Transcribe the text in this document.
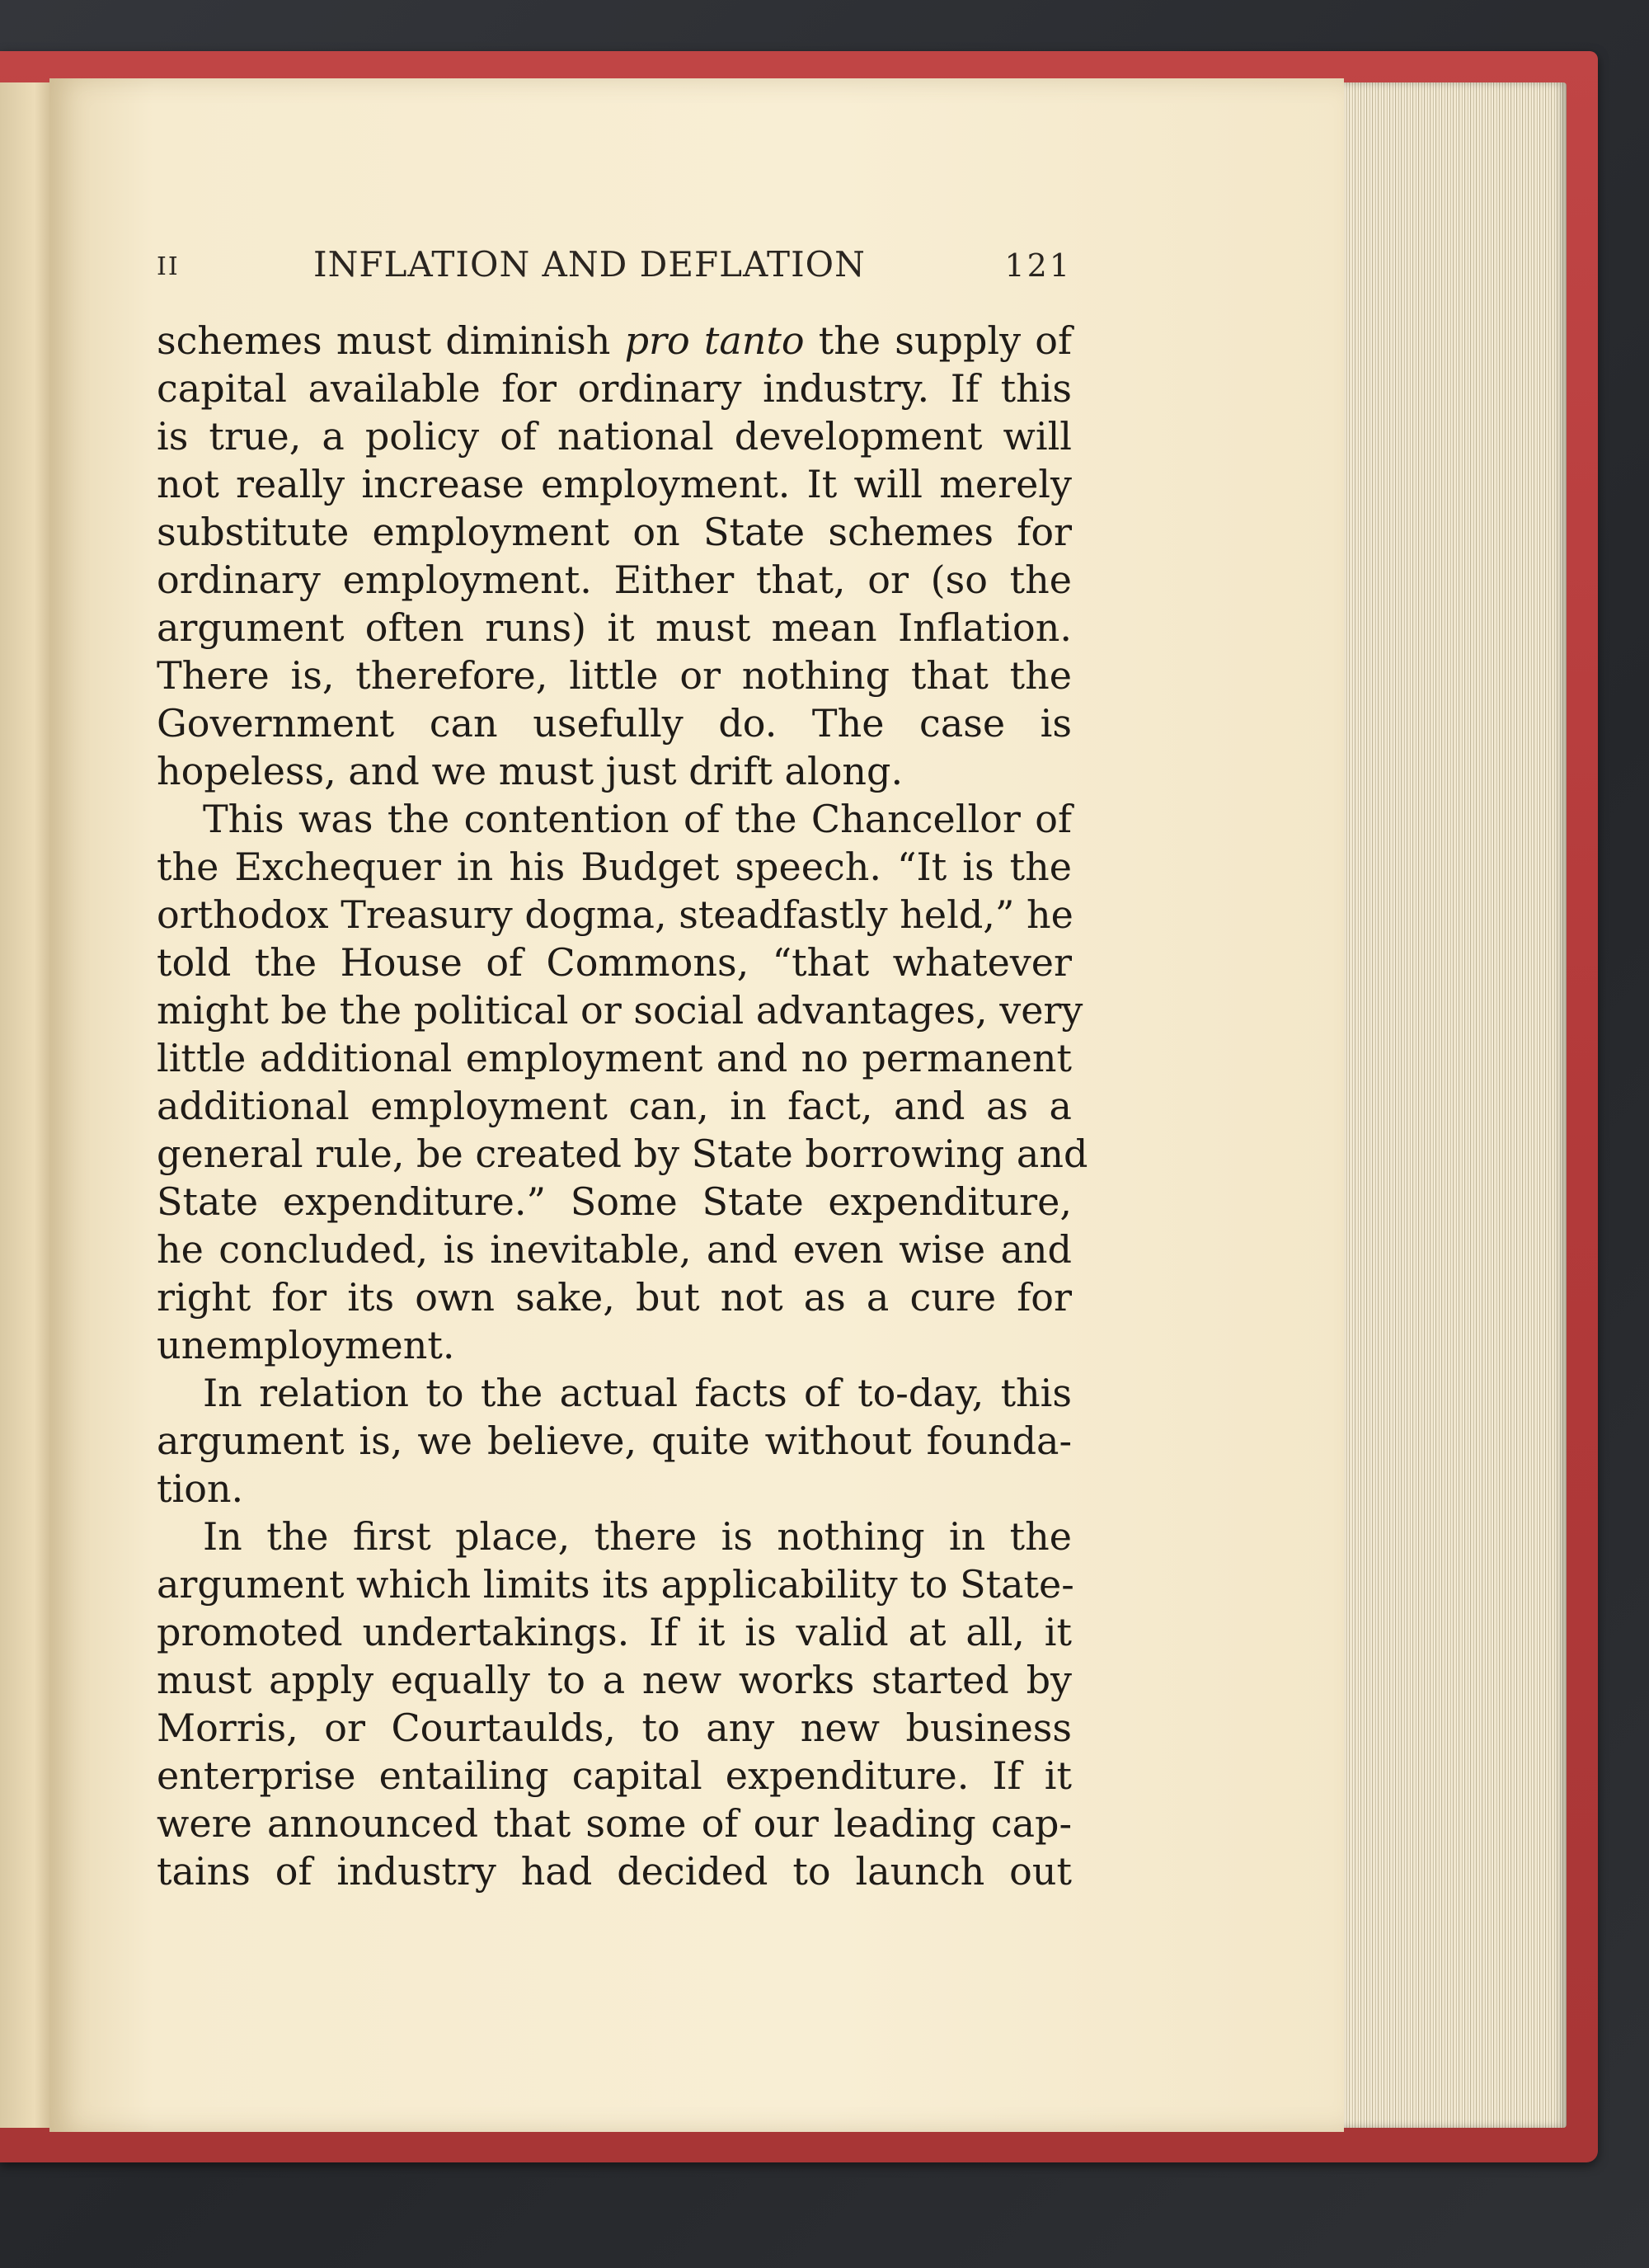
II	INFLATION AND DEFLATION	121
schemes must diminish pro tanto the supply of
capital available for ordinary industry. If this
is true, a policy of national development will
not really increase employment. It will merely
substitute employment on State schemes for
ordinary employment. Either that, or (so the
argument often runs) it must mean Inflation.
There is, therefore, little or nothing that the
Government can usefully do. The case is
hopeless, and we must just drift along.
This was the contention of the Chancellor of
the Exchequer in his Budget speech. “It is the
orthodox Treasury dogma, steadfastly held,” he
told the House of Commons, “that whatever
might be the political or social advantages, very
little additional employment and no permanent
additional employment can, in fact, and as a
general rule, be created by State borrowing and
State expenditure.” Some State expenditure,
he concluded, is inevitable, and even wise and
right for its own sake, but not as a cure for
unemployment.
In relation to the actual facts of to-day, this
argument is, we believe, quite without founda-
tion.
In the first place, there is nothing in the
argument which limits its applicability to State-
promoted undertakings. If it is valid at all, it
must apply equally to a new works started by
Morris, or Courtaulds, to any new business
enterprise entailing capital expenditure. If it
were announced that some of our leading cap-
tains of industry had decided to launch out
